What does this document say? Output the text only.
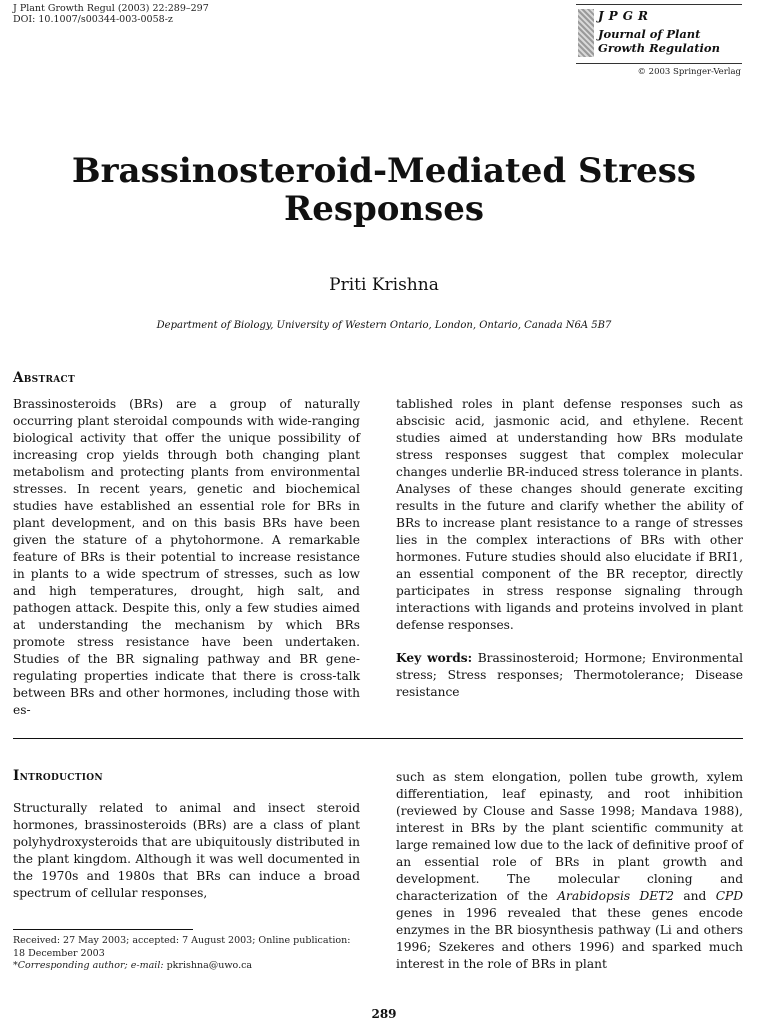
J Plant Growth Regul (2003) 22:289–297
DOI: 10.1007/s00344-003-0058-z	JPGR
Journal of Plant Growth Regulation
© 2003 Springer-Verlag
Brassinosteroid-Mediated Stress Responses
Priti Krishna
Department of Biology, University of Western Ontario, London, Ontario, Canada N6A 5B7
Abstract
Brassinosteroids (BRs) are a group of naturally occurring plant steroidal compounds with wide-ranging biological activity that offer the unique possibility of increasing crop yields through both changing plant metabolism and protecting plants from environmental stresses. In recent years, genetic and biochemical studies have established an essential role for BRs in plant development, and on this basis BRs have been given the stature of a phytohormone. A remarkable feature of BRs is their potential to increase resistance in plants to a wide spectrum of stresses, such as low and high temperatures, drought, high salt, and pathogen attack. Despite this, only a few studies aimed at understanding the mechanism by which BRs promote stress resistance have been undertaken. Studies of the BR signaling pathway and BR gene-regulating properties indicate that there is cross-talk between BRs and other hormones, including those with es-
tablished roles in plant defense responses such as abscisic acid, jasmonic acid, and ethylene. Recent studies aimed at understanding how BRs modulate stress responses suggest that complex molecular changes underlie BR-induced stress tolerance in plants. Analyses of these changes should generate exciting results in the future and clarify whether the ability of BRs to increase plant resistance to a range of stresses lies in the complex interactions of BRs with other hormones. Future studies should also elucidate if BRI1, an essential component of the BR receptor, directly participates in stress response signaling through interactions with ligands and proteins involved in plant defense responses.
Key words: Brassinosteroid; Hormone; Environmental stress; Stress responses; Thermotolerance; Disease resistance
Introduction
Structurally related to animal and insect steroid hormones, brassinosteroids (BRs) are a class of plant polyhydroxysteroids that are ubiquitously distributed in the plant kingdom. Although it was well documented in the 1970s and 1980s that BRs can induce a broad spectrum of cellular responses,
such as stem elongation, pollen tube growth, xylem differentiation, leaf epinasty, and root inhibition (reviewed by Clouse and Sasse 1998; Mandava 1988), interest in BRs by the plant scientific community at large remained low due to the lack of definitive proof of an essential role of BRs in plant growth and development. The molecular cloning and characterization of the Arabidopsis DET2 and CPD genes in 1996 revealed that these genes encode enzymes in the BR biosynthesis pathway (Li and others 1996; Szekeres and others 1996) and sparked much interest in the role of BRs in plant
Received: 27 May 2003; accepted: 7 August 2003; Online publication: 18 December 2003
*Corresponding author; e-mail: pkrishna@uwo.ca
289
